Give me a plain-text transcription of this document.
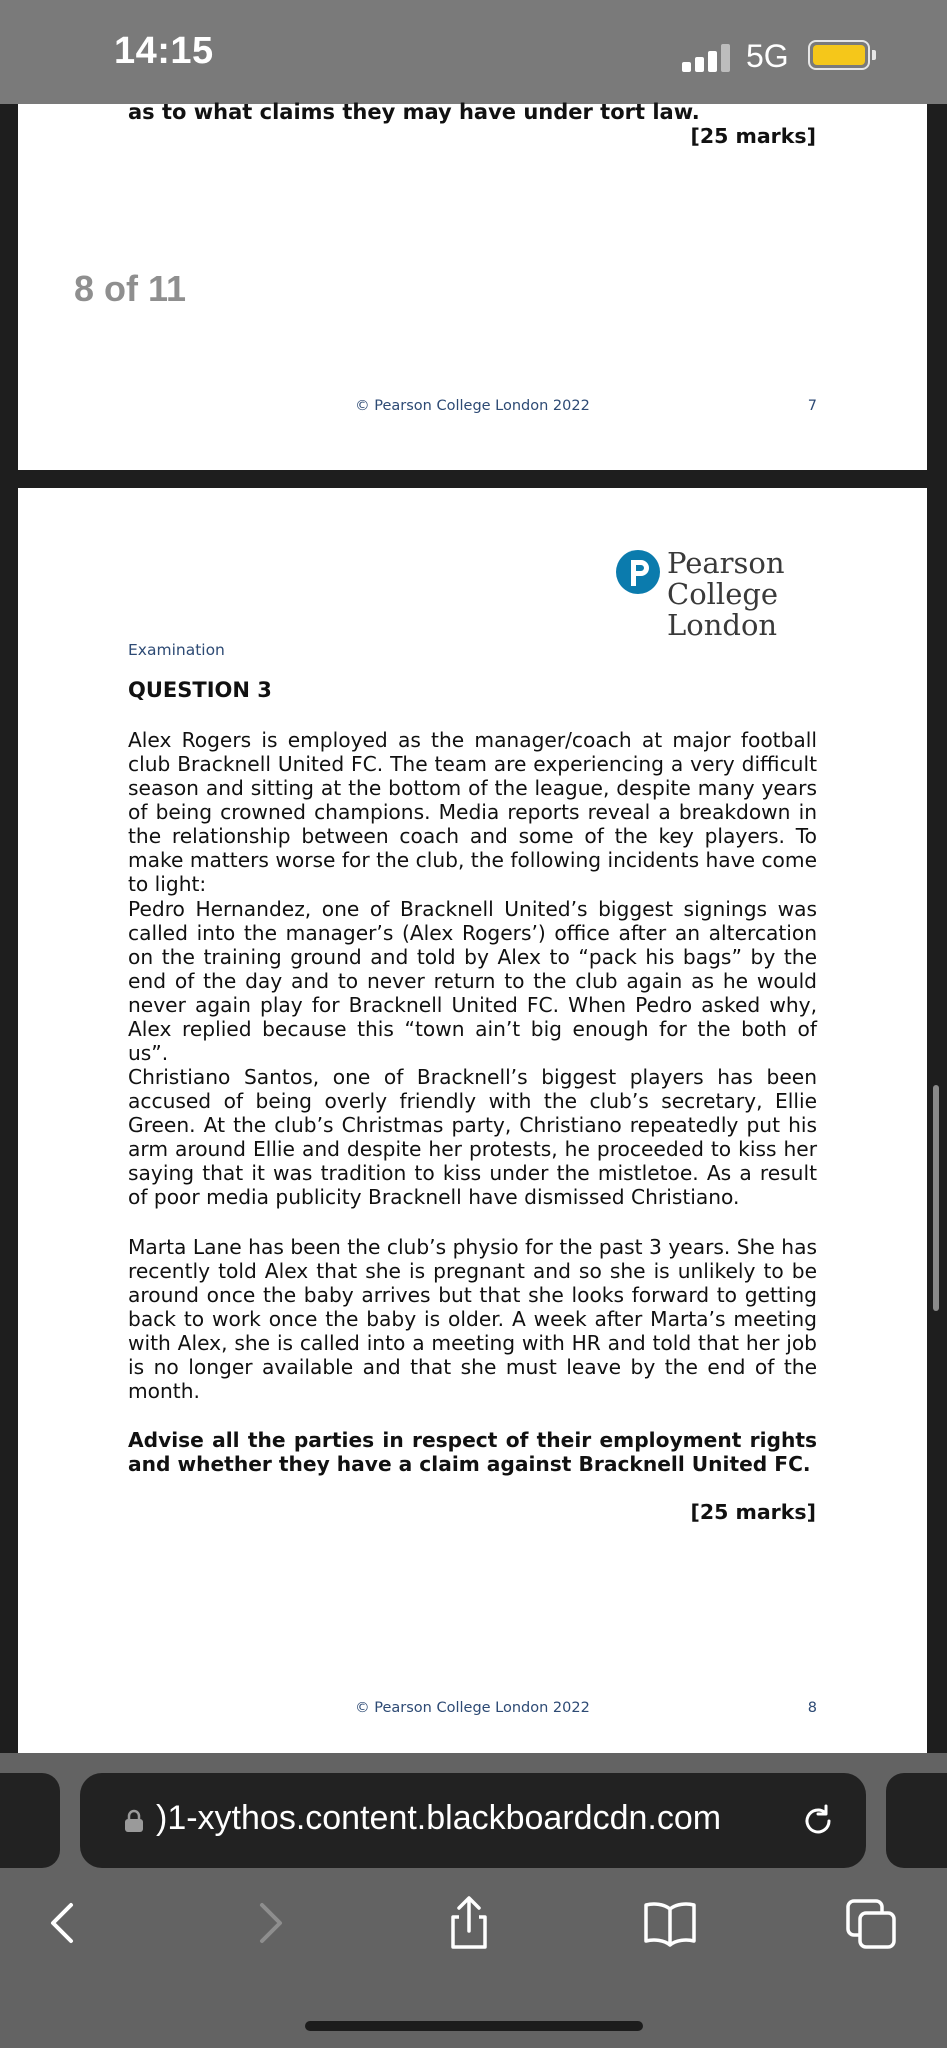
14:15	5G
as to what claims they may have under tort law.
[25 marks]
8 of 11
© Pearson College London 2022	7
Pearson
College
London
Examination
QUESTION 3

Alex Rogers is employed as the manager/coach at major football club Bracknell United FC. The team are experiencing a very difficult season and sitting at the bottom of the league, despite many years of being crowned champions. Media reports reveal a breakdown in the relationship between coach and some of the key players. To make matters worse for the club, the following incidents have come to light:

Pedro Hernandez, one of Bracknell United’s biggest signings was called into the manager’s (Alex Rogers’) office after an altercation on the training ground and told by Alex to “pack his bags” by the end of the day and to never return to the club again as he would never again play for Bracknell United FC. When Pedro asked why, Alex replied because this “town ain’t big enough for the both of us”.

Christiano Santos, one of Bracknell’s biggest players has been accused of being overly friendly with the club’s secretary, Ellie Green. At the club’s Christmas party, Christiano repeatedly put his arm around Ellie and despite her protests, he proceeded to kiss her saying that it was tradition to kiss under the mistletoe. As a result of poor media publicity Bracknell have dismissed Christiano.

Marta Lane has been the club’s physio for the past 3 years. She has recently told Alex that she is pregnant and so she is unlikely to be around once the baby arrives but that she looks forward to getting back to work once the baby is older. A week after Marta’s meeting with Alex, she is called into a meeting with HR and told that her job is no longer available and that she must leave by the end of the month.

Advise all the parties in respect of their employment rights and whether they have a claim against Bracknell United FC.

[25 marks]
© Pearson College London 2022	8
)1-xythos.content.blackboardcdn.com
